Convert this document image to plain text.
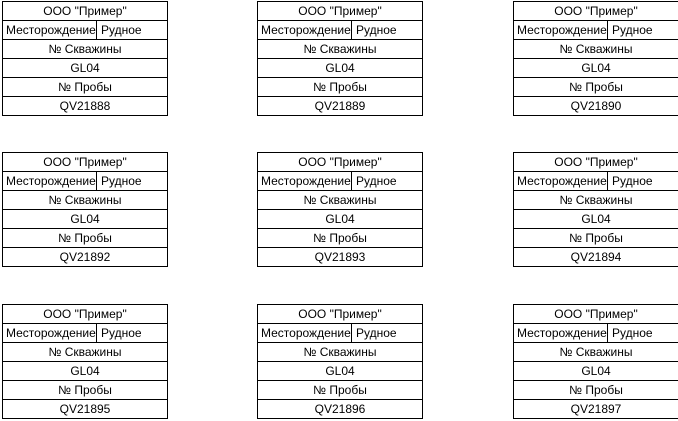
ООО "Пример"
Месторождение Рудное
№ Скважины
GL04
№ Пробы
QV21888
ООО "Пример"
Месторождение Рудное
№ Скважины
GL04
№ Пробы
QV21889
ООО "Пример"
Месторождение Рудное
№ Скважины
GL04
№ Пробы
QV21890
ООО "Пример"
Месторождение Рудное
№ Скважины
GL04
№ Пробы
QV21892
ООО "Пример"
Месторождение Рудное
№ Скважины
GL04
№ Пробы
QV21893
ООО "Пример"
Месторождение Рудное
№ Скважины
GL04
№ Пробы
QV21894
ООО "Пример"
Месторождение Рудное
№ Скважины
GL04
№ Пробы
QV21895
ООО "Пример"
Месторождение Рудное
№ Скважины
GL04
№ Пробы
QV21896
ООО "Пример"
Месторождение Рудное
№ Скважины
GL04
№ Пробы
QV21897
